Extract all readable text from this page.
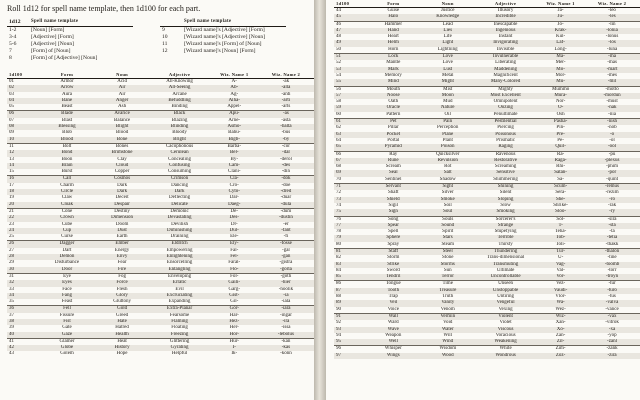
Roll 1d12 for spell name template, then 1d100 for each part.
1d12	Spell name template
1-2	[Noun] [Form]
3-4	[Adjective] [Form]
5-6	[Adjective] [Noun]
7	[Form] of [Noun]
8	[Form] of [Adjective] [Noun]
	Spell name template
9	[Wizard name]'s [Adjective] [Form]
10	[Wizard name]'s [Adjective] [Noun]
11	[Wizard name]'s [Form] of [Noun]
12	[Wizard name]'s [Noun] [Form]
1d100	Form	Noun	Adjective	Wiz. Name 1	Wiz. Name 2
01	Armor	Acid	All-Knowing	A-	-ak
02	Arrow	Air	All-Seeing	Ab-	-alla
03	Aura	Air	Arcane	Ag-	-anti
04	Bane	Anger	Befuddling	Alha-	-arti
05	Beast	Ash	Binding	Appel-	-arts
06	Blade	Avarice	Black	Apu-	-as
07	Blast	Balance	Blazing	Arne-	-asta
08	Blessing	Blight	Blinding	Asmo-	-balta
09	Blob	Blood	Bloody	Bahu-	-bus
10	Blood	Bone	Bright	Bigb-	-by
11	Bolt	Bones	Cacophonous	Barba-	-cor
12	Bond	Brimstone	Cerulean	Bel-	-dal
13	Boon	Clay	Concealing	By-	-derol
14	Brain	Cloud	Confusing	Cam-	-des
15	Burst	Copper	Consuming	Clani-	-din
16	Call	Cosmos	Crimson	Cla-	-dok
17	Charm	Dark	Dancing	Cro-	-doe
18	Circle	Dark	Dark	Cyto-	-dred
19	Claw	Deceit	Deflecting	Dar-	-duar
20	Cloak	Despair	Delicate	Daeg-	-dula
21	Cone	Destiny	Demonic	De-	-dum
22	Crown	Dimension	Devastating	Des-	-dustin
23	Cube	Doom	Devilish	Dr-	-er
24	Cup	Dust	Diminishing	Dul-	-fant
25	Curse	Earth	Draining	Ele-	-fi
26	Dagger	Ember	Eldritch	Ely-	-fosse
27	Dart	Energy	Empowering	Fal-	-gal
28	Demon	Envy	Enlightening	Fel-	-gan
29	Disturbance	Fear	Ensorcelling	Faral-	-gistra
30	Door	Fire	Entangling	Flo-	-gorla
31	Eye	Fog	Enveloping	Fol-	-goth
32	Eyes	Force	Erratic	Gaili-	-hier
33	Face	Flesh	Evil	Garg-	-hoolik
34	Fang	Glory	Excruciating	Gist-	-ia
35	Feast	Gluttony	Expanding	Gil-	-iala
36	Fell	Gold	Extra-Planar	Gor-	-iara
37	Fissure	Greed	Fearsome	Har-	-ingar
38	Fist	Hate	Flaming	Hez-	-ira
39	Gate	Hatred	Floating	Her-	-issa
40	Gaze	Health	Freezing	Hor-	-lebolus
41	Glamer	Heat	Glittering	Hur-	-kan
42	Globe	History	Gyrating	I-	-kas
43	Golem	Hope	Helpful	Ik-	-konn
1d100	Form	Noun	Adjective	Wiz. Name 1	Wiz. Name 2
44	Guise	Justice	Illusory	Ja-	-leo
45	Halo	Knowledge	Incredible	Ju-	-les
46	Hammer	Lead	Inescapable	Jo-	-lin
47	Hand	Lies	Ingenious	Krak-	-lonia
48	Heart	Life	Instant	Kul-	-lonus
49	Helm	Light	Invigorating	Laf-	-los
50	Horn	Lightning	Invisible	Long-	-luna
51	Lock	Love	Invulnerable	Ma-	-ma
52	Mantle	Love	Liberating	Mer-	-mas
53	Mark	Lust	Maddening	Mo-	-mart
54	Memory	Metal	Magnificent	Mor-	-mes
55	Mind	Might	Many-Colored	Mu-	-mil
56	Mouth	Mist	Mighty	Mummo	-motto
57	Noose	Moon	Most Excellent	Mura-	-mordun
58	Oath	Mud	Omnipotent	Nor-	-must
59	Oracle	Nature	Oozing	O-	-nak
60	Pattern	Oil	Penultimate	Osh	-nia
61	Pet	Pain	Pestilential	Pasha-	-nish
62	Pillar	Perception	Piercing	Pin-	-nob
63	Pocket	Plane	Poisonous	Pre-	-o
64	Portal	Plant	Prismatic	Pe-	-ol
65	Pyramid	Poison	Raging	Quil-	-ool
66	Ray	Quicksilver	Ravenous	Ra-	-pu
67	Rune	Revulsion	Restorative	Raga-	-plexus
68	Scream	Rot	Screaming	Rhi-	-phim
69	Seal	Salt	Sensitive	Satan-	-por
70	Sentinel	Shadow	Shimmering	Sa-	-quint
71	Servant	Sight	Shining	Scum-	-remus
72	Shaft	Silver	Silent	Sera-	-rezim
73	Shield	Smoke	Sloping	She-	-ro
74	Sigil	Soil	Slow	Shrike-	-rak
75	Sign	Soul	Smoking	Sloo-	-ry
76	Song	Souls	Sorcerer's	Sol-	-sira
77	Spear	Sound	Strange	T-	-sta
78	Spell	Spirit	Stupefying	Teha-	-ta
79	Sphere	Stars	Terrible	Tob-	-tetia
80	Spray	Steam	Thirsty	Toli-	-thakk
81	Staff	Steel	Thundering	Tur-	-thalon
82	Storm	Stone	Trans-dimensional	U-	-tine
83	Strike	Storms	Transmuting	Vag-	-toomb
84	Sword	Sun	Ultimate	Val-	-torr
85	Tendril	Terror	Uncontrollable	Vor-	-troyn
86	Tongue	Time	Unseen	Vez-	-tur
87	Tooth	Treasure	Unstoppable	Vaudi-	-turo
88	Trap	Truth	Untiring	Vlor-	-tus
89	Veil	Vanity	Vengeful	Wa-	-valva
90	Voice	Venom	Vexing	Wez-	-vance
91	Wall	Vermin	Violent	Wiz-	-vax
92	Ward	Void	Violet	Xan-	-vitrok
93	Wave	Water	Viscous	Xo-	-xa
94	Weapon	Will	Voracious	Zan-	-yop
95	Well	Wind	Weakening	Zil-	-zanl
96	Whisper	Wisdom	White	Zim-	-zank
97	Wings	Wood	Wondrous	Zoz-	-zira
